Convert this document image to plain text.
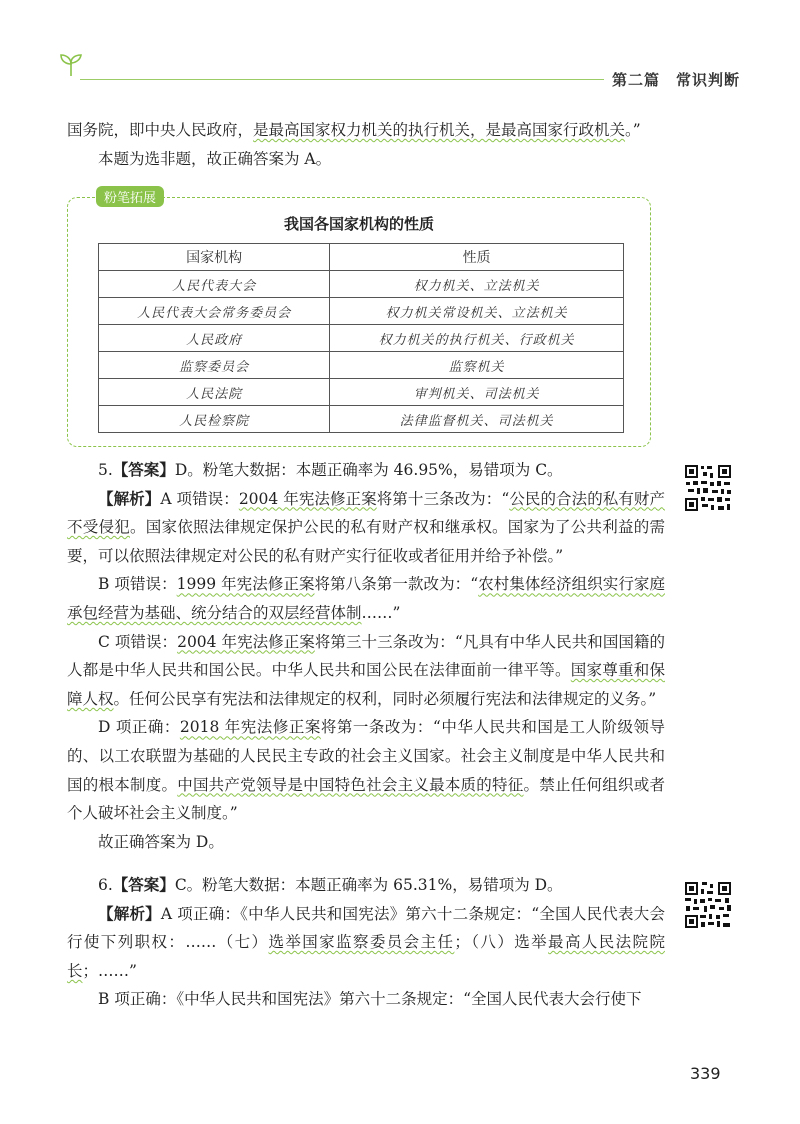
第二篇　常识判断

国务院，即中央人民政府，是最高国家权力机关的执行机关，是最高国家行政机关。”

本题为选非题，故正确答案为 A。

粉笔拓展
我国各国家机构的性质
国家机构	性质
人民代表大会	权力机关、立法机关
人民代表大会常务委员会	权力机关常设机关、立法机关
人民政府	权力机关的执行机关、行政机关
监察委员会	监察机关
人民法院	审判机关、司法机关
人民检察院	法律监督机关、司法机关

5.【答案】D。粉笔大数据：本题正确率为 46.95%，易错项为 C。

【解析】A 项错误：2004 年宪法修正案将第十三条改为：“公民的合法的私有财产不受侵犯。国家依照法律规定保护公民的私有财产权和继承权。国家为了公共利益的需要，可以依照法律规定对公民的私有财产实行征收或者征用并给予补偿。”

B 项错误：1999 年宪法修正案将第八条第一款改为：“农村集体经济组织实行家庭承包经营为基础、统分结合的双层经营体制……”

C 项错误：2004 年宪法修正案将第三十三条改为：“凡具有中华人民共和国国籍的人都是中华人民共和国公民。中华人民共和国公民在法律面前一律平等。国家尊重和保障人权。任何公民享有宪法和法律规定的权利，同时必须履行宪法和法律规定的义务。”

D 项正确：2018 年宪法修正案将第一条改为：“中华人民共和国是工人阶级领导的、以工农联盟为基础的人民民主专政的社会主义国家。社会主义制度是中华人民共和国的根本制度。中国共产党领导是中国特色社会主义最本质的特征。禁止任何组织或者个人破坏社会主义制度。”

故正确答案为 D。

6.【答案】C。粉笔大数据：本题正确率为 65.31%，易错项为 D。

【解析】A 项正确：《中华人民共和国宪法》第六十二条规定：“全国人民代表大会行使下列职权：……（七）选举国家监察委员会主任；（八）选举最高人民法院院长；……”

B 项正确：《中华人民共和国宪法》第六十二条规定：“全国人民代表大会行使下

339
